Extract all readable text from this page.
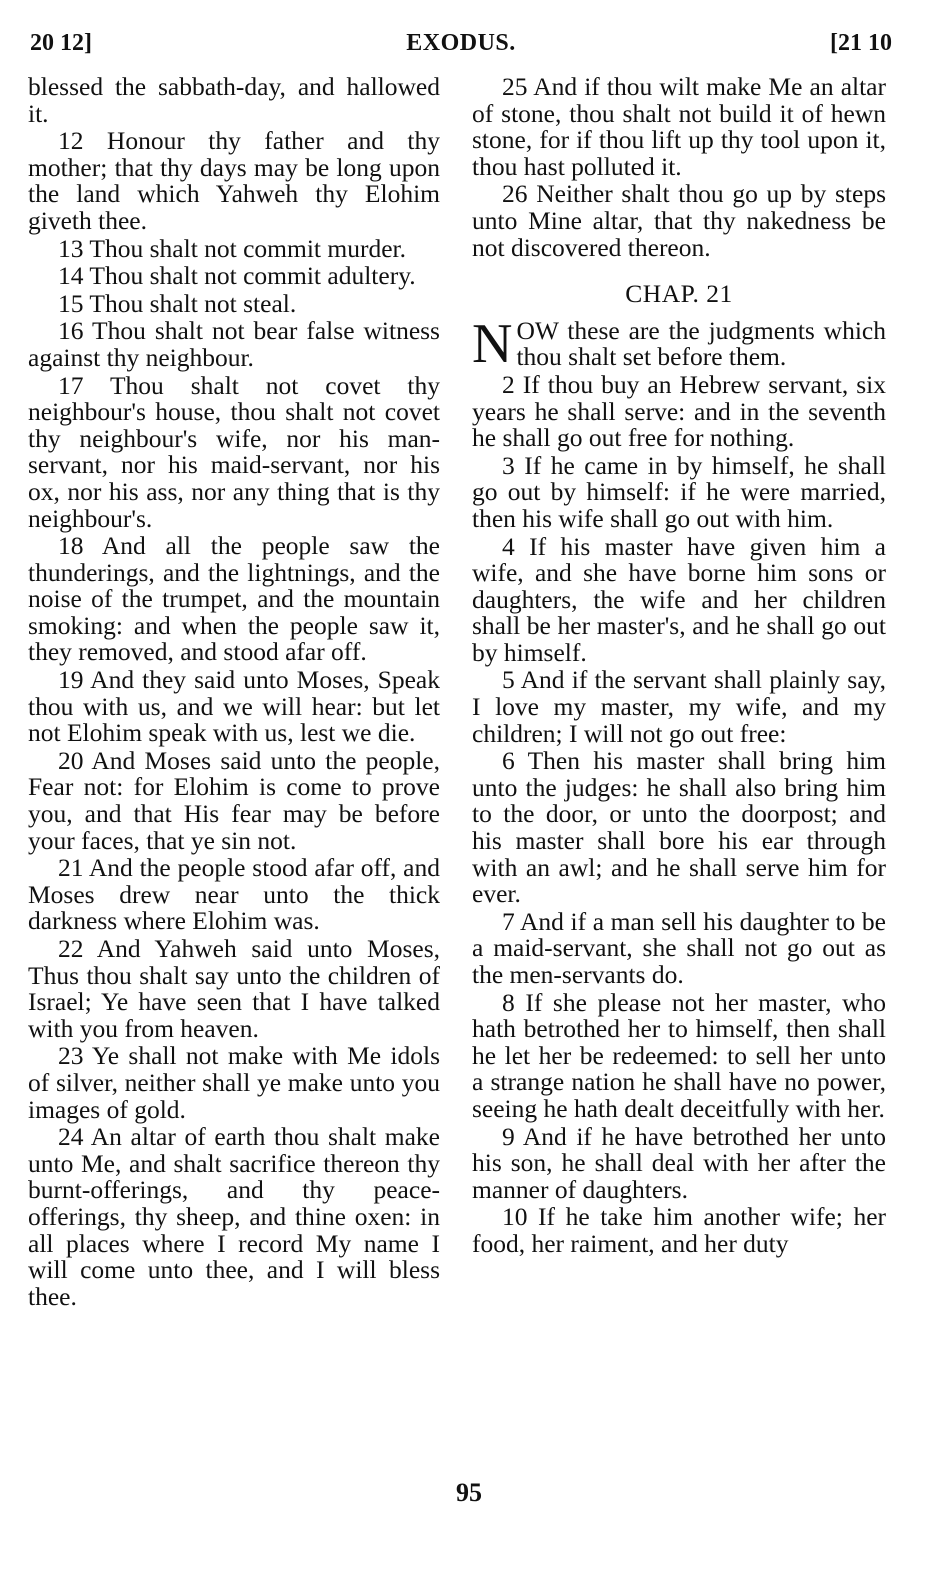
20 12]	EXODUS.	[21 10

blessed the sabbath-day, and hallowed it.

12 Honour thy father and thy mother; that thy days may be long upon the land which Yahweh thy Elohim giveth thee.

13 Thou shalt not commit murder.

14 Thou shalt not commit adultery.

15 Thou shalt not steal.

16 Thou shalt not bear false witness against thy neighbour.

17 Thou shalt not covet thy neighbour's house, thou shalt not covet thy neighbour's wife, nor his man-servant, nor his maid-servant, nor his ox, nor his ass, nor any thing that is thy neighbour's.

18 And all the people saw the thunderings, and the lightnings, and the noise of the trumpet, and the mountain smoking: and when the people saw it, they removed, and stood afar off.

19 And they said unto Moses, Speak thou with us, and we will hear: but let not Elohim speak with us, lest we die.

20 And Moses said unto the people, Fear not: for Elohim is come to prove you, and that His fear may be before your faces, that ye sin not.

21 And the people stood afar off, and Moses drew near unto the thick darkness where Elohim was.

22 And Yahweh said unto Moses, Thus thou shalt say unto the children of Israel; Ye have seen that I have talked with you from heaven.

23 Ye shall not make with Me idols of silver, neither shall ye make unto you images of gold.

24 An altar of earth thou shalt make unto Me, and shalt sacrifice thereon thy burnt-offerings, and thy peace-offerings, thy sheep, and thine oxen: in all places where I record My name I will come unto thee, and I will bless thee.

25 And if thou wilt make Me an altar of stone, thou shalt not build it of hewn stone, for if thou lift up thy tool upon it, thou hast polluted it.

26 Neither shalt thou go up by steps unto Mine altar, that thy nakedness be not discovered thereon.

CHAP. 21

NOW these are the judgments which thou shalt set before them.

2 If thou buy an Hebrew servant, six years he shall serve: and in the seventh he shall go out free for nothing.

3 If he came in by himself, he shall go out by himself: if he were married, then his wife shall go out with him.

4 If his master have given him a wife, and she have borne him sons or daughters, the wife and her children shall be her master's, and he shall go out by himself.

5 And if the servant shall plainly say, I love my master, my wife, and my children; I will not go out free:

6 Then his master shall bring him unto the judges: he shall also bring him to the door, or unto the doorpost; and his master shall bore his ear through with an awl; and he shall serve him for ever.

7 And if a man sell his daughter to be a maid-servant, she shall not go out as the men-servants do.

8 If she please not her master, who hath betrothed her to himself, then shall he let her be redeemed: to sell her unto a strange nation he shall have no power, seeing he hath dealt deceitfully with her.

9 And if he have betrothed her unto his son, he shall deal with her after the manner of daughters.

10 If he take him another wife; her food, her raiment, and her duty

95
